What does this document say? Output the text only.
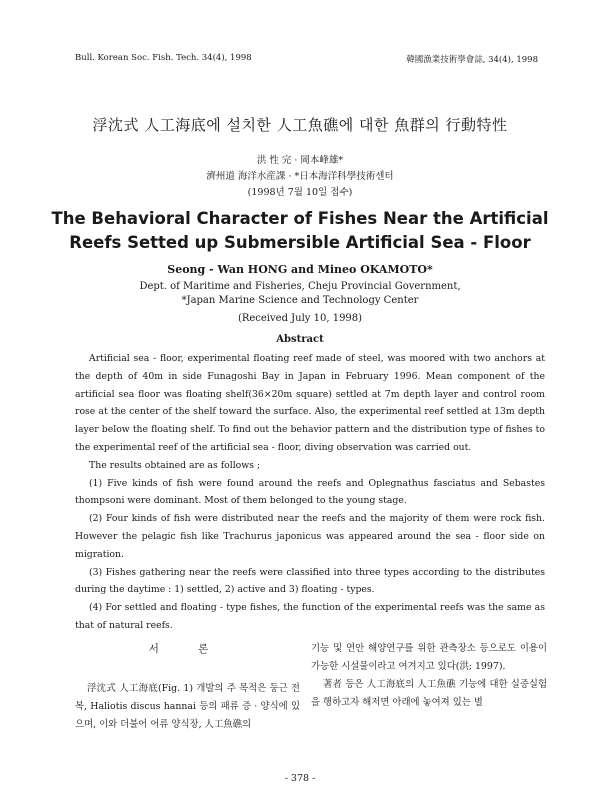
Bull. Korean Soc. Fish. Tech. 34(4), 1998	韓國漁業技術學會誌, 34(4), 1998
浮沈式 人工海底에 설치한 人工魚礁에 대한 魚群의 行動特性
洪 性 完 · 岡本峰雄*
濟州道 海洋水産課 · *日本海洋科學技術센터
(1998년 7월 10일 접수)
The Behavioral Character of Fishes Near the Artificial
Reefs Setted up Submersible Artificial Sea - Floor
Seong - Wan HONG and Mineo OKAMOTO*
Dept. of Maritime and Fisheries, Cheju Provincial Government,
*Japan Marine Science and Technology Center
(Received July 10, 1998)
Abstract

Artificial sea - floor, experimental floating reef made of steel, was moored with two anchors at the depth of 40m in side Funagoshi Bay in Japan in February 1996. Mean component of the artificial sea floor was floating shelf(36×20m square) settled at 7m depth layer and control room rose at the center of the shelf toward the surface. Also, the experimental reef settled at 13m depth layer below the floating shelf. To find out the behavior pattern and the distribution type of fishes to the experimental reef of the artificial sea - floor, diving observation was carried out.

The results obtained are as follows ;

(1) Five kinds of fish were found around the reefs and Oplegnathus fasciatus and Sebastes thompsoni were dominant. Most of them belonged to the young stage.

(2) Four kinds of fish were distributed near the reefs and the majority of them were rock fish. However the pelagic fish like Trachurus japonicus was appeared around the sea - floor side on migration.

(3) Fishes gathering near the reefs were classified into three types according to the distributes during the daytime : 1) settled, 2) active and 3) floating - types.

(4) For settled and floating - type fishes, the function of the experimental reefs was the same as that of natural reefs.

서 론

浮沈式 人工海底(Fig. 1) 개발의 주 목적은 둥근 전복, Haliotis discus hannai 등의 패류 증 · 양식에 있으며, 이와 더불어 어류 양식장, 人工魚礁의

기능 및 연안 해양연구를 위한 관측장소 등으로도 이용이 가능한 시설물이라고 여겨지고 있다(洪; 1997).

著者 등은 人工海底의 人工魚礁 기능에 대한 실증실험을 행하고자 해저면 아래에 놓여져 있는 별

- 378 -
